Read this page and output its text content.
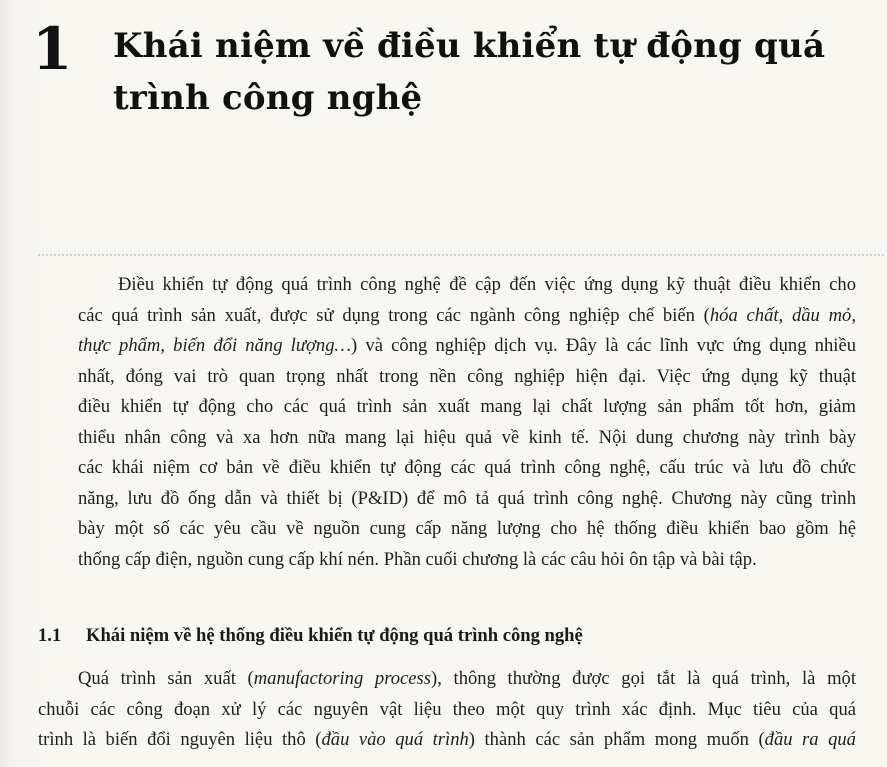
1 Khái niệm về điều khiển tự động quá trình công nghệ
Điều khiển tự động quá trình công nghệ đề cập đến việc ứng dụng kỹ thuật điều khiển cho
các quá trình sản xuất, được sử dụng trong các ngành công nghiệp chế biến (hóa chất, dầu mỏ,
thực phẩm, biến đổi năng lượng…) và công nghiệp dịch vụ. Đây là các lĩnh vực ứng dụng nhiều
nhất, đóng vai trò quan trọng nhất trong nền công nghiệp hiện đại. Việc ứng dụng kỹ thuật
điều khiển tự động cho các quá trình sản xuất mang lại chất lượng sản phẩm tốt hơn, giảm
thiểu nhân công và xa hơn nữa mang lại hiệu quả về kinh tế. Nội dung chương này trình bày
các khái niệm cơ bản về điều khiển tự động các quá trình công nghệ, cấu trúc và lưu đồ chức
năng, lưu đồ ống dẫn và thiết bị (P&ID) để mô tả quá trình công nghệ. Chương này cũng trình
bày một số các yêu cầu về nguồn cung cấp năng lượng cho hệ thống điều khiển bao gồm hệ
thống cấp điện, nguồn cung cấp khí nén. Phần cuối chương là các câu hỏi ôn tập và bài tập.
1.1 Khái niệm về hệ thống điều khiển tự động quá trình công nghệ
Quá trình sản xuất (manufactoring process), thông thường được gọi tắt là quá trình, là một
chuỗi các công đoạn xử lý các nguyên vật liệu theo một quy trình xác định. Mục tiêu của quá
trình là biến đổi nguyên liệu thô (đầu vào quá trình) thành các sản phẩm mong muốn (đầu ra quá
